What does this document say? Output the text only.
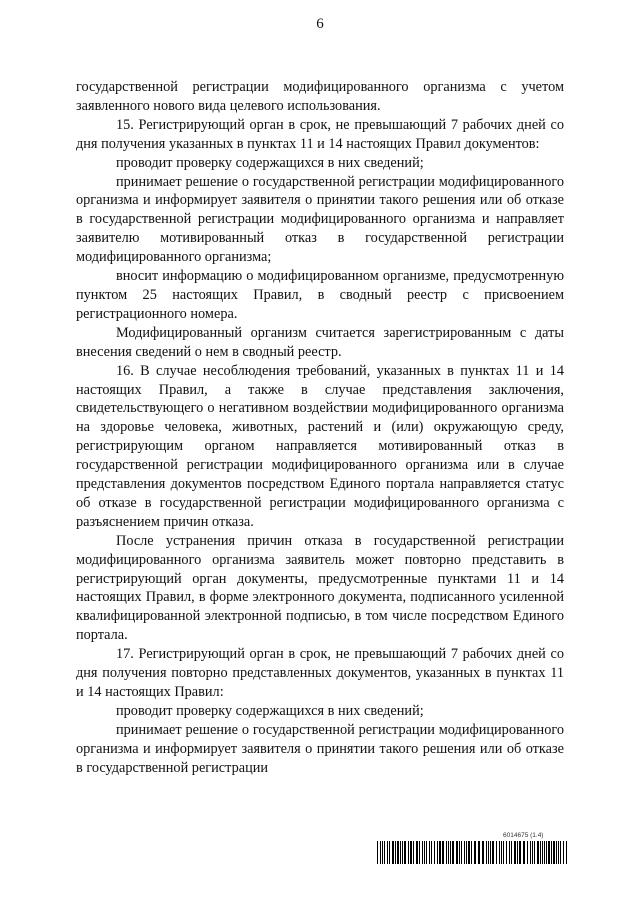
6

государственной регистрации модифицированного организма с учетом заявленного нового вида целевого использования.

15. Регистрирующий орган в срок, не превышающий 7 рабочих дней со дня получения указанных в пунктах 11 и 14 настоящих Правил документов:

проводит проверку содержащихся в них сведений;

принимает решение о государственной регистрации модифицированного организма и информирует заявителя о принятии такого решения или об отказе в государственной регистрации модифицированного организма и направляет заявителю мотивированный отказ в государственной регистрации модифицированного организма;

вносит информацию о модифицированном организме, предусмотренную пунктом 25 настоящих Правил, в сводный реестр с присвоением регистрационного номера.

Модифицированный организм считается зарегистрированным с даты внесения сведений о нем в сводный реестр.

16. В случае несоблюдения требований, указанных в пунктах 11 и 14 настоящих Правил, а также в случае представления заключения, свидетельствующего о негативном воздействии модифицированного организма на здоровье человека, животных, растений и (или) окружающую среду, регистрирующим органом направляется мотивированный отказ в государственной регистрации модифицированного организма или в случае представления документов посредством Единого портала направляется статус об отказе в государственной регистрации модифицированного организма с разъяснением причин отказа.

После устранения причин отказа в государственной регистрации модифицированного организма заявитель может повторно представить в регистрирующий орган документы, предусмотренные пунктами 11 и 14 настоящих Правил, в форме электронного документа, подписанного усиленной квалифицированной электронной подписью, в том числе посредством Единого портала.

17. Регистрирующий орган в срок, не превышающий 7 рабочих дней со дня получения повторно представленных документов, указанных в пунктах 11 и 14 настоящих Правил:

проводит проверку содержащихся в них сведений;

принимает решение о государственной регистрации модифицированного организма и информирует заявителя о принятии такого решения или об отказе в государственной регистрации

6014675 (1.4)
